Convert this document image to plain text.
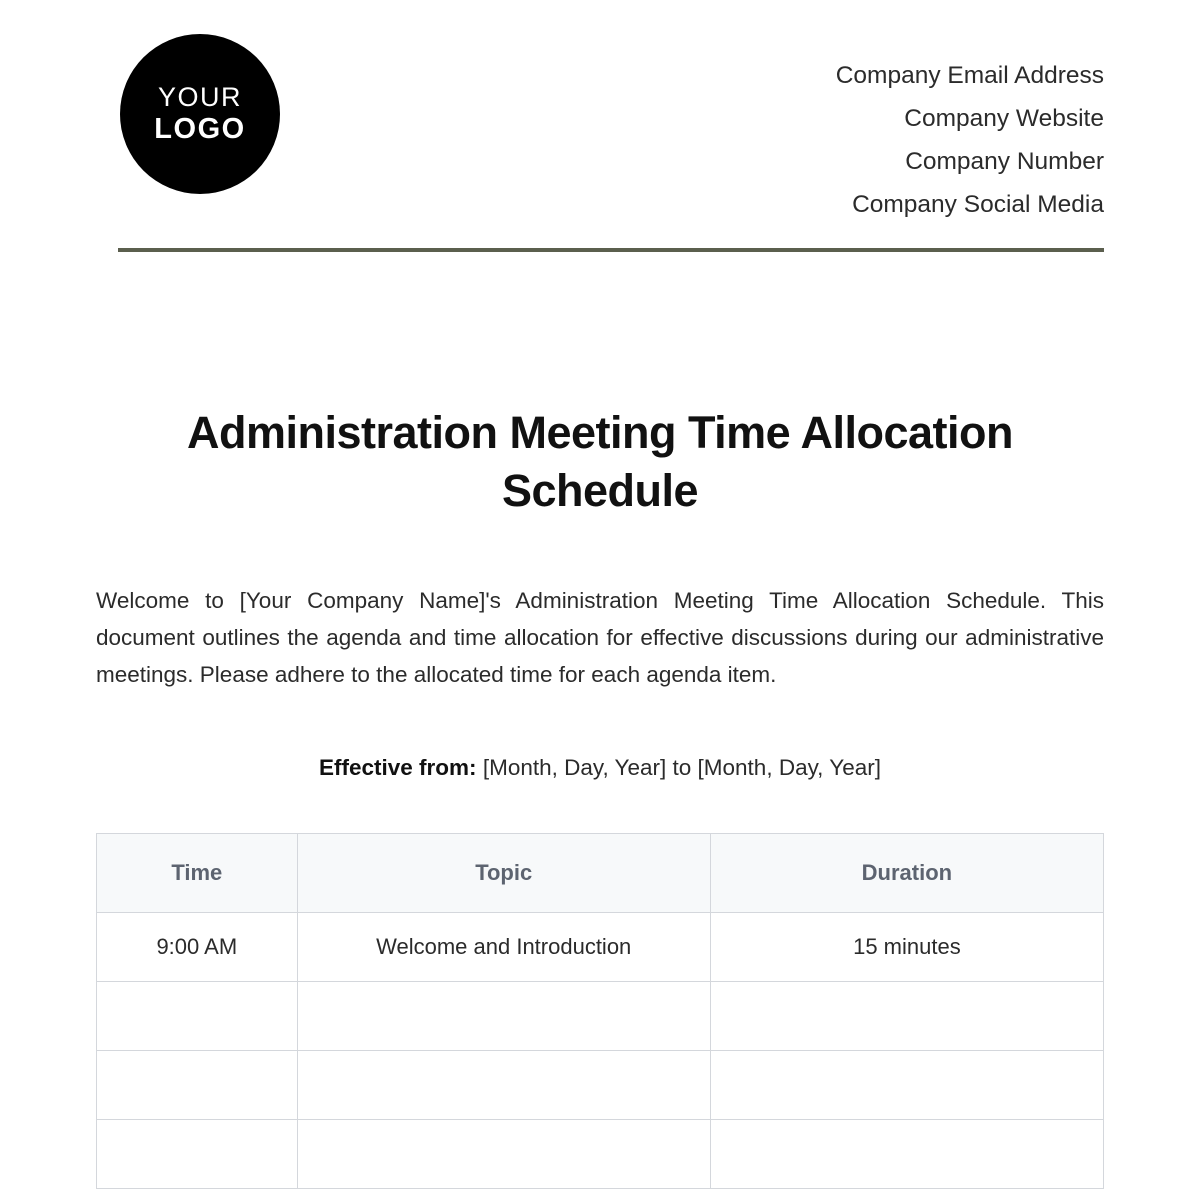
YOUR
LOGO
Company Email Address
Company Website
Company Number
Company Social Media
Administration Meeting Time Allocation Schedule
Welcome to [Your Company Name]'s Administration Meeting Time Allocation Schedule. This document outlines the agenda and time allocation for effective discussions during our administrative meetings. Please adhere to the allocated time for each agenda item.
Effective from: [Month, Day, Year] to [Month, Day, Year]
Time	Topic	Duration
9:00 AM	Welcome and Introduction	15 minutes
